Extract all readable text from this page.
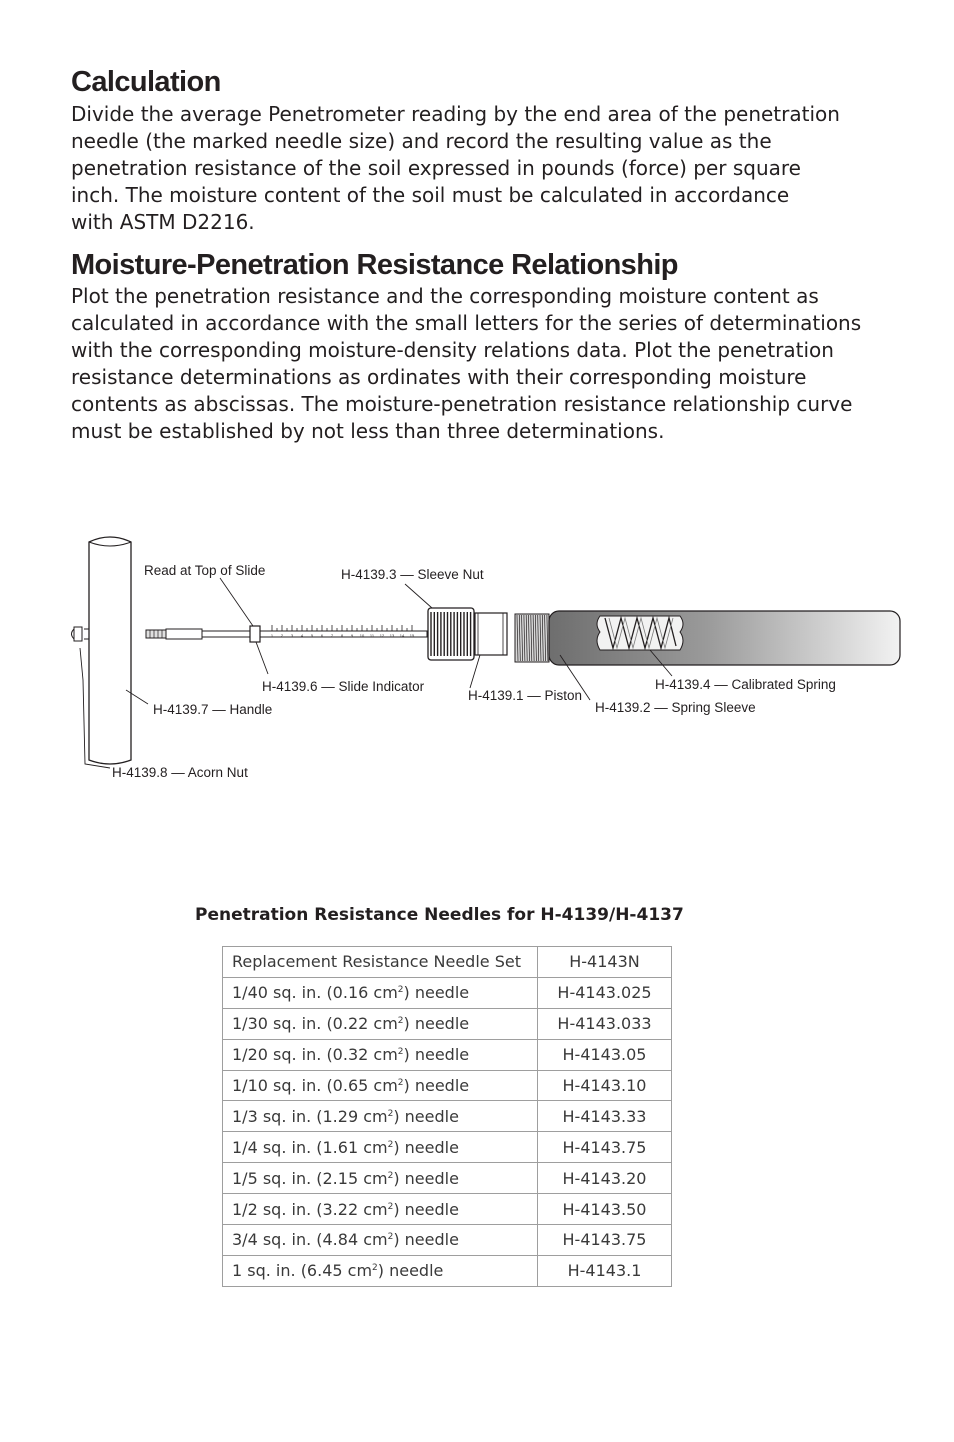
Calculation
Divide the average Penetrometer reading by the end area of the penetration
needle (the marked needle size) and record the resulting value as the
penetration resistance of the soil expressed in pounds (force) per square
inch. The moisture content of the soil must be calculated in accordance
with ASTM D2216.
Moisture-Penetration Resistance Relationship
Plot the penetration resistance and the corresponding moisture content as
calculated in accordance with the small letters for the series of determinations
with the corresponding moisture-density relations data. Plot the penetration
resistance determinations as ordinates with their corresponding moisture
contents as abscissas. The moisture-penetration resistance relationship curve
must be established by not less than three determinations.
1 2 3 4 5 6 7 8 9 10 11 12 13 14 15
Read at Top of Slide	H-4139.3 — Sleeve Nut
H-4139.6 — Slide Indicator
H-4139.1 — Piston
H-4139.4 — Calibrated Spring
H-4139.2 — Spring Sleeve
H-4139.7 — Handle
H-4139.8 — Acorn Nut
Penetration Resistance Needles for H-4139/H-4137
Replacement Resistance Needle Set	H-4143N
1/40 sq. in. (0.16 $cm^2$) needle	H-4143.025
1/30 sq. in. (0.22 $cm^2$) needle	H-4143.033
1/20 sq. in. (0.32 $cm^2$) needle	H-4143.05
1/10 sq. in. (0.65 $cm^2$) needle	H-4143.10
1/3 sq. in. (1.29 $cm^2$) needle	H-4143.33
1/4 sq. in. (1.61 $cm^2$) needle	H-4143.75
1/5 sq. in. (2.15 $cm^2$) needle	H-4143.20
1/2 sq. in. (3.22 $cm^2$) needle	H-4143.50
3/4 sq. in. (4.84 $cm^2$) needle	H-4143.75
1 sq. in. (6.45 $cm^2$) needle	H-4143.1
